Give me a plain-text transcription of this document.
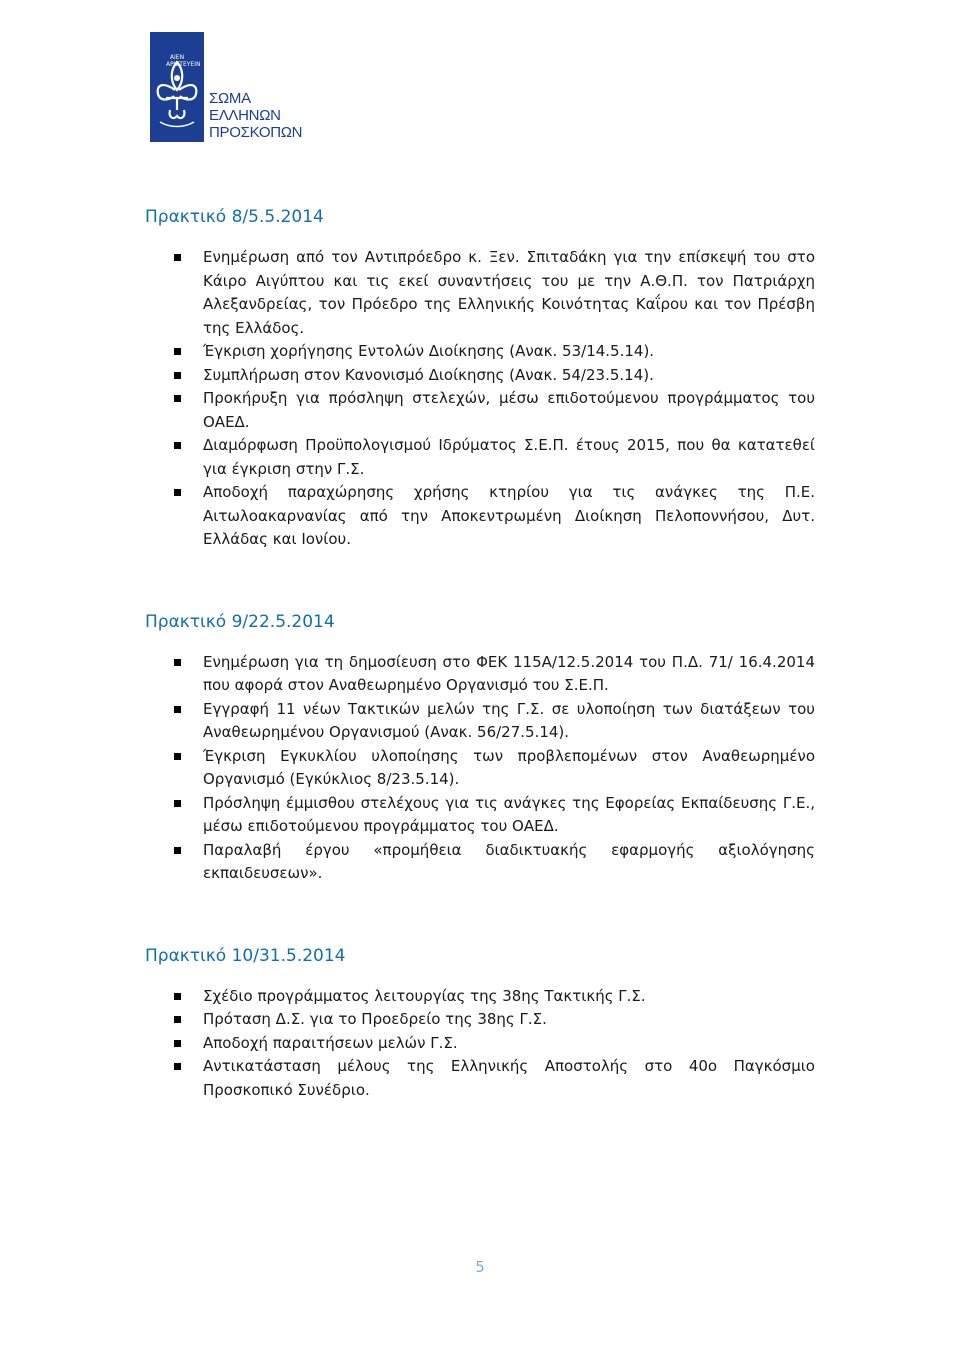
ΑΙΕΝ ΑΡΙΣΤΕΥΕΙΝ
ΣΩΜΑ
ΕΛΛΗΝΩΝ
ΠΡΟΣΚΟΠΩΝ
Πρακτικό 8/5.5.2014
Ενημέρωση από τον Αντιπρόεδρο κ. Ξεν. Σπιταδάκη για την επίσκεψή του στο Κάιρο Αιγύπτου και τις εκεί συναντήσεις του με την Α.Θ.Π. τον Πατριάρχη Αλεξανδρείας, τον Πρόεδρο της Ελληνικής Κοινότητας Καΐρου και τον Πρέσβη της Ελλάδος.
Έγκριση χορήγησης Εντολών Διοίκησης (Ανακ. 53/14.5.14).
Συμπλήρωση στον Κανονισμό Διοίκησης (Ανακ. 54/23.5.14).
Προκήρυξη για πρόσληψη στελεχών, μέσω επιδοτούμενου προγράμματος του ΟΑΕΔ.
Διαμόρφωση Προϋπολογισμού Ιδρύματος Σ.Ε.Π. έτους 2015, που θα κατατεθεί για έγκριση στην Γ.Σ.
Αποδοχή παραχώρησης χρήσης κτηρίου για τις ανάγκες της Π.Ε. Αιτωλοακαρνανίας από την Αποκεντρωμένη Διοίκηση Πελοποννήσου, Δυτ. Ελλάδας και Ιονίου.
Πρακτικό 9/22.5.2014
Ενημέρωση για τη δημοσίευση στο ΦΕΚ 115Α/12.5.2014 του Π.Δ. 71/ 16.4.2014 που αφορά στον Αναθεωρημένο Οργανισμό του Σ.Ε.Π.
Εγγραφή 11 νέων Τακτικών μελών της Γ.Σ. σε υλοποίηση των διατάξεων του Αναθεωρημένου Οργανισμού (Ανακ. 56/27.5.14).
Έγκριση Εγκυκλίου υλοποίησης των προβλεπομένων στον Αναθεωρημένο Οργανισμό (Εγκύκλιος 8/23.5.14).
Πρόσληψη έμμισθου στελέχους για τις ανάγκες της Εφορείας Εκπαίδευσης Γ.Ε., μέσω επιδοτούμενου προγράμματος του ΟΑΕΔ.
Παραλαβή έργου «προμήθεια διαδικτυακής εφαρμογής αξιολόγησης εκπαιδευσεων».
Πρακτικό 10/31.5.2014
Σχέδιο προγράμματος λειτουργίας της 38ης Τακτικής Γ.Σ.
Πρόταση Δ.Σ. για το Προεδρείο της 38ης Γ.Σ.
Αποδοχή παραιτήσεων μελών Γ.Σ.
Αντικατάσταση μέλους της Ελληνικής Αποστολής στο 40ο Παγκόσμιο Προσκοπικό Συνέδριο.
5
